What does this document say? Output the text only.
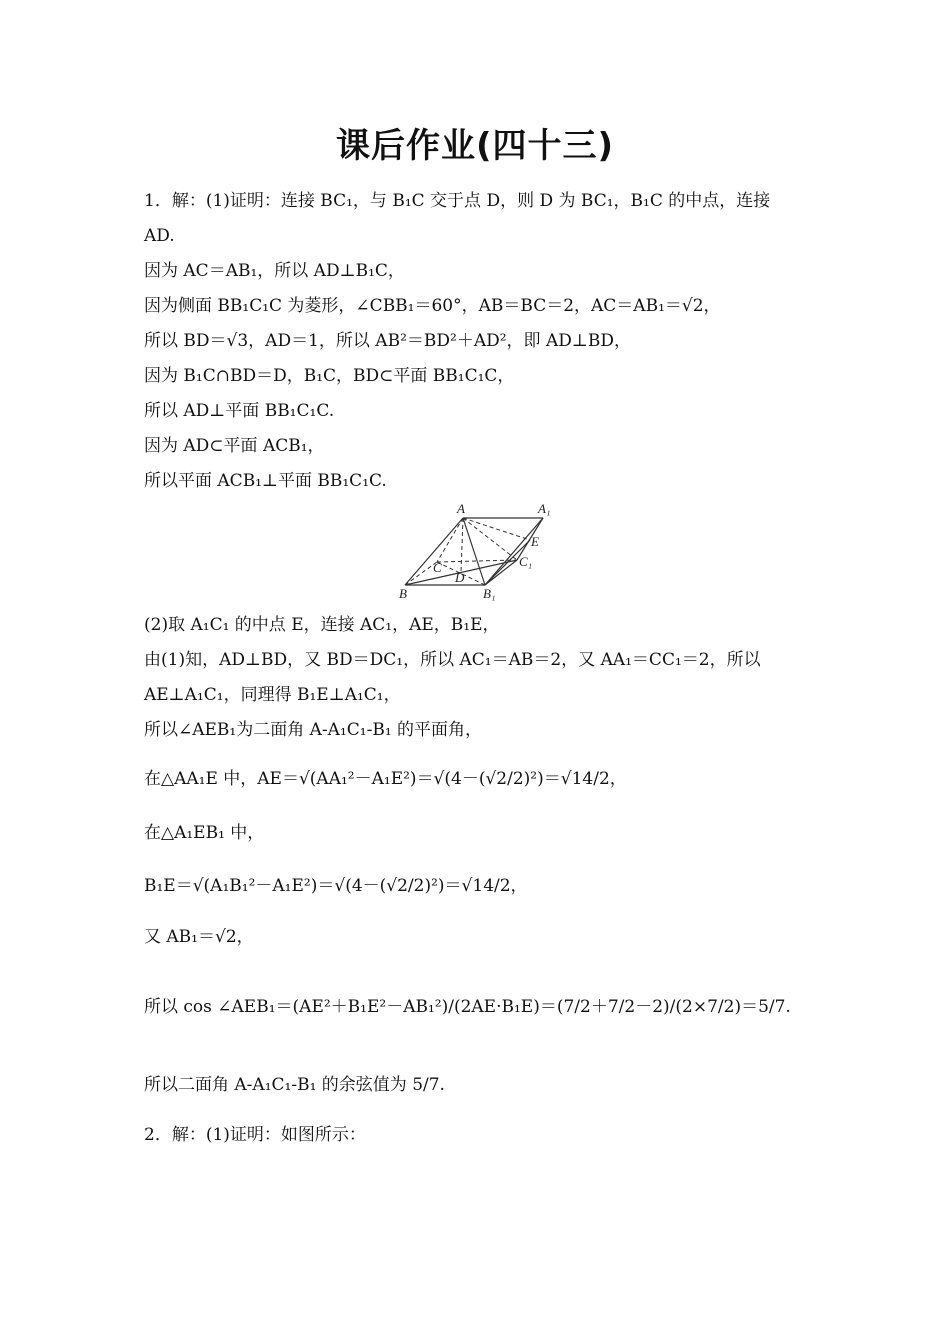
课后作业(四十三)
1．解：(1)证明：连接 BC₁，与 B₁C 交于点 D，则 D 为 BC₁，B₁C 的中点，连接
AD.
因为 AC＝AB₁，所以 AD⊥B₁C，
因为侧面 BB₁C₁C 为菱形，∠CBB₁＝60°，AB＝BC＝2，AC＝AB₁＝√2，
所以 BD＝√3，AD＝1，所以 AB²＝BD²＋AD²，即 AD⊥BD，
因为 B₁C∩BD＝D，B₁C，BD⊂平面 BB₁C₁C，
所以 AD⊥平面 BB₁C₁C.
因为 AD⊂平面 ACB₁，
所以平面 ACB₁⊥平面 BB₁C₁C.
A	A₁
B	B₁
C	C₁
D
E
(2)取 A₁C₁ 的中点 E，连接 AC₁，AE，B₁E，
由(1)知，AD⊥BD，又 BD＝DC₁，所以 AC₁＝AB＝2，又 AA₁＝CC₁＝2，所以
AE⊥A₁C₁，同理得 B₁E⊥A₁C₁，
所以∠AEB₁为二面角 A-A₁C₁-B₁ 的平面角，
在△AA₁E 中，AE＝√(AA₁²－A₁E²)＝√(4－(√2/2)²)＝√14/2，
在△A₁EB₁ 中，
B₁E＝√(A₁B₁²－A₁E²)＝√(4－(√2/2)²)＝√14/2，
又 AB₁＝√2，
所以 cos ∠AEB₁＝(AE²＋B₁E²－AB₁²)/(2AE·B₁E)＝(7/2＋7/2－2)/(2×7/2)＝5/7.
所以二面角 A-A₁C₁-B₁ 的余弦值为 5/7.
2．解：(1)证明：如图所示：
